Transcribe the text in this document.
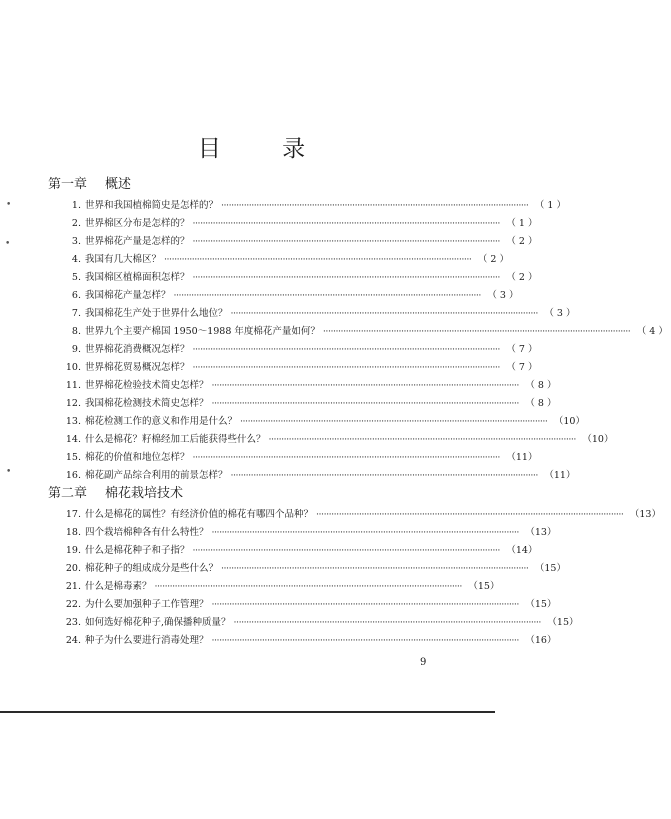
目	录
第一章 概述
1. 世界和我国植棉简史是怎样的？ ·························································································································· （ 1 ）
2. 世界棉区分布是怎样的？ ·························································································································· （ 1 ）
3. 世界棉花产量是怎样的？ ·························································································································· （ 2 ）
4. 我国有几大棉区？ ·························································································································· （ 2 ）
5. 我国棉区植棉面积怎样？ ·························································································································· （ 2 ）
6. 我国棉花产量怎样？ ·························································································································· （ 3 ）
7. 我国棉花生产处于世界什么地位？ ·························································································································· （ 3 ）
8. 世界九个主要产棉国 1950～1988 年度棉花产量如何？ ·························································································································· （ 4 ）
9. 世界棉花消费概况怎样？ ·························································································································· （ 7 ）
10. 世界棉花贸易概况怎样？ ·························································································································· （ 7 ）
11. 世界棉花检验技术简史怎样？ ·························································································································· （ 8 ）
12. 我国棉花检测技术简史怎样？ ·························································································································· （ 8 ）
13. 棉花检测工作的意义和作用是什么？ ·························································································································· （10）
14. 什么是棉花？籽棉经加工后能获得些什么？ ·························································································································· （10）
15. 棉花的价值和地位怎样？ ·························································································································· （11）
16. 棉花副产品综合利用的前景怎样？ ·························································································································· （11）
第二章 棉花栽培技术
17. 什么是棉花的属性？有经济价值的棉花有哪四个品种？ ·························································································································· （13）
18. 四个栽培棉种各有什么特性？ ·························································································································· （13）
19. 什么是棉花种子和子指？ ·························································································································· （14）
20. 棉花种子的组成成分是些什么？ ·························································································································· （15）
21. 什么是棉毒素？ ·························································································································· （15）
22. 为什么要加强种子工作管理？ ·························································································································· （15）
23. 如何选好棉花种子,确保播种质量？ ·························································································································· （15）
24. 种子为什么要进行消毒处理？ ·························································································································· （16）
9
•
•
•
